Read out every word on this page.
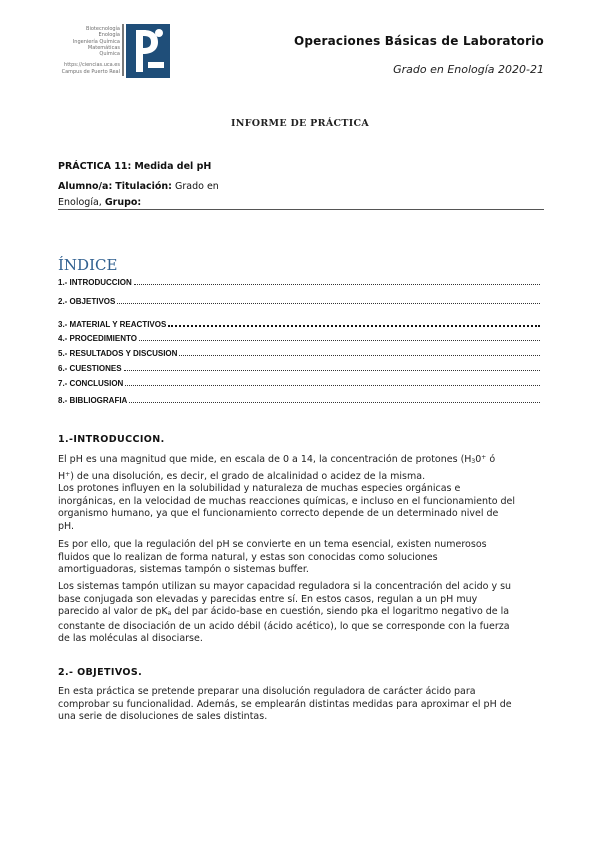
Biotecnología
Enología
Ingeniería Química
Matemáticas
Química
https://ciencias.uca.es
Campus de Puerto Real
Operaciones Básicas de Laboratorio
Grado en Enología 2020-21
INFORME DE PRÁCTICA
PRÁCTICA 11: Medida del pH
Alumno/a: Titulación: Grado en
Enología, Grupo:
ÍNDICE
1.- INTRODUCCION
2.- OBJETIVOS
3.- MATERIAL Y REACTIVOS
4.- PROCEDIMIENTO
5.- RESULTADOS Y DISCUSION
6.- CUESTIONES
7.- CONCLUSION
8.- BIBLIOGRAFIA
1.-INTRODUCCION.
El pH es una magnitud que mide, en escala de 0 a 14, la concentración de protones (H30+ ó
H+) de una disolución, es decir, el grado de alcalinidad o acidez de la misma.
Los protones influyen en la solubilidad y naturaleza de muchas especies orgánicas e
inorgánicas, en la velocidad de muchas reacciones químicas, e incluso en el funcionamiento del
organismo humano, ya que el funcionamiento correcto depende de un determinado nivel de
pH.
Es por ello, que la regulación del pH se convierte en un tema esencial, existen numerosos
fluidos que lo realizan de forma natural, y estas son conocidas como soluciones
amortiguadoras, sistemas tampón o sistemas buffer.
Los sistemas tampón utilizan su mayor capacidad reguladora si la concentración del acido y su
base conjugada son elevadas y parecidas entre sí. En estos casos, regulan a un pH muy
parecido al valor de pKa del par ácido-base en cuestión, siendo pka el logaritmo negativo de la
constante de disociación de un acido débil (ácido acético), lo que se corresponde con la fuerza
de las moléculas al disociarse.
2.- OBJETIVOS.
En esta práctica se pretende preparar una disolución reguladora de carácter ácido para
comprobar su funcionalidad. Además, se emplearán distintas medidas para aproximar el pH de
una serie de disoluciones de sales distintas.
